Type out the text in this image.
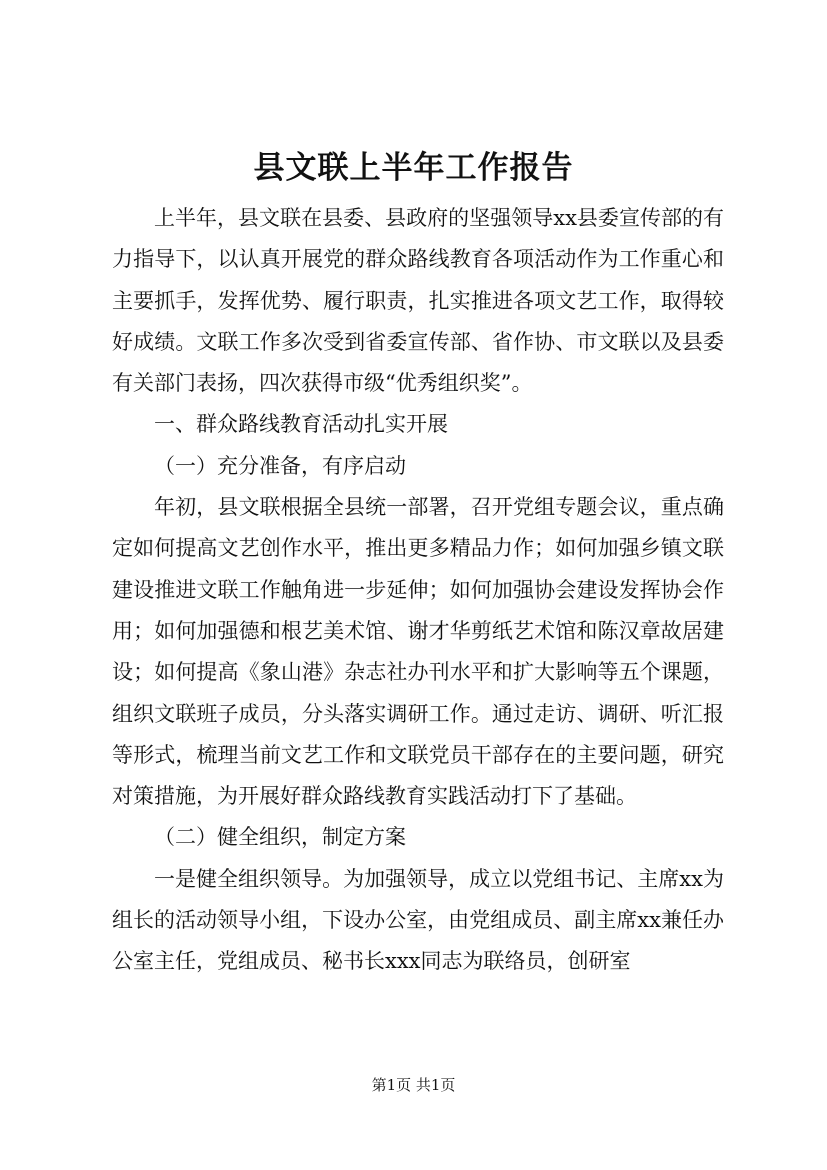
县文联上半年工作报告

上半年，县文联在县委、县政府的坚强领导xx县委宣传部的有力指导下，以认真开展党的群众路线教育各项活动作为工作重心和主要抓手，发挥优势、履行职责，扎实推进各项文艺工作，取得较好成绩。文联工作多次受到省委宣传部、省作协、市文联以及县委有关部门表扬，四次获得市级“优秀组织奖”。

一、群众路线教育活动扎实开展

（一）充分准备，有序启动

年初，县文联根据全县统一部署，召开党组专题会议，重点确定如何提高文艺创作水平，推出更多精品力作；如何加强乡镇文联建设推进文联工作触角进一步延伸；如何加强协会建设发挥协会作用；如何加强德和根艺美术馆、谢才华剪纸艺术馆和陈汉章故居建设；如何提高《象山港》杂志社办刊水平和扩大影响等五个课题，组织文联班子成员，分头落实调研工作。通过走访、调研、听汇报等形式，梳理当前文艺工作和文联党员干部存在的主要问题，研究对策措施，为开展好群众路线教育实践活动打下了基础。

（二）健全组织，制定方案

一是健全组织领导。为加强领导，成立以党组书记、主席xx为组长的活动领导小组，下设办公室，由党组成员、副主席xx兼任办公室主任，党组成员、秘书长xxx同志为联络员，创研室

第1页 共1页
